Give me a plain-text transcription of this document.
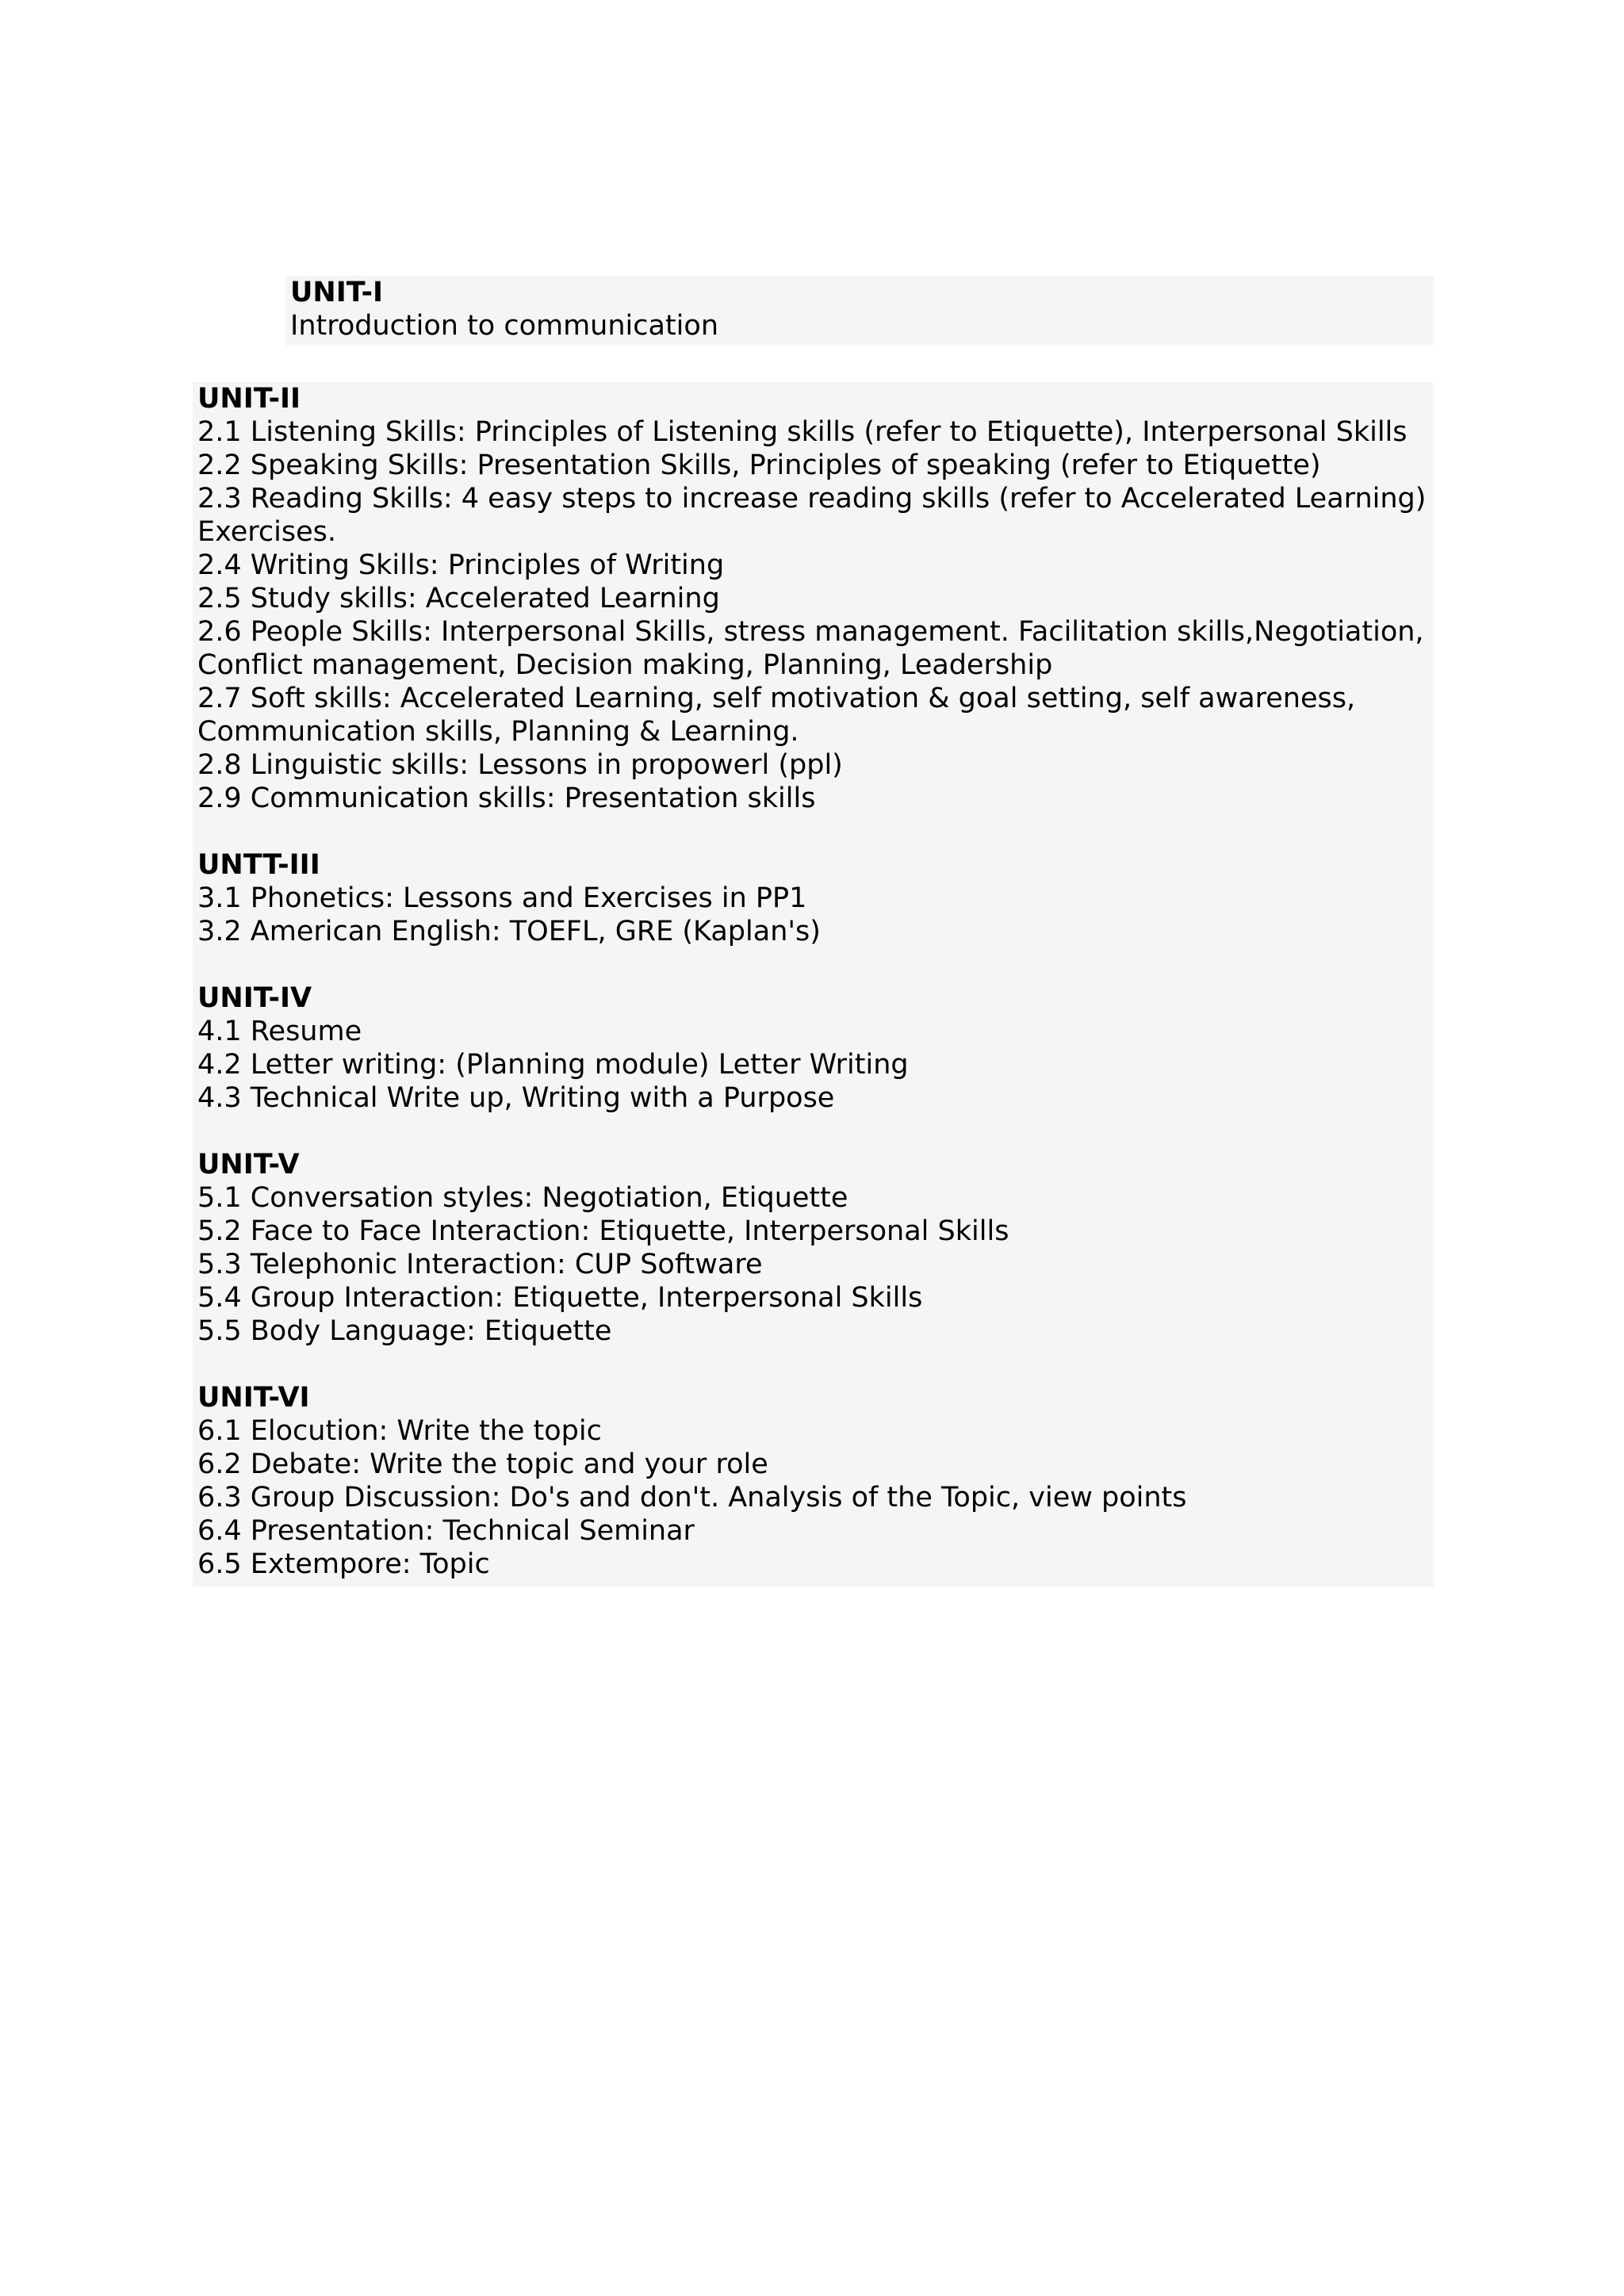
UNIT-I

Introduction to communication

UNIT-II

2.1 Listening Skills: Principles of Listening skills (refer to Etiquette), Interpersonal Skills

2.2 Speaking Skills: Presentation Skills, Principles of speaking (refer to Etiquette)

2.3 Reading Skills: 4 easy steps to increase reading skills (refer to Accelerated Learning)

Exercises.

2.4 Writing Skills: Principles of Writing

2.5 Study skills: Accelerated Learning

2.6 People Skills: Interpersonal Skills, stress management. Facilitation skills,Negotiation,

Conflict management, Decision making, Planning, Leadership

2.7 Soft skills: Accelerated Learning, self motivation & goal setting, self awareness,

Communication skills, Planning & Learning.

2.8 Linguistic skills: Lessons in propowerl (ppl)

2.9 Communication skills: Presentation skills

UNTT-III

3.1 Phonetics: Lessons and Exercises in PP1

3.2 American English: TOEFL, GRE (Kaplan's)

UNIT-IV

4.1 Resume

4.2 Letter writing: (Planning module) Letter Writing

4.3 Technical Write up, Writing with a Purpose

UNIT-V

5.1 Conversation styles: Negotiation, Etiquette

5.2 Face to Face Interaction: Etiquette, Interpersonal Skills

5.3 Telephonic Interaction: CUP Software

5.4 Group Interaction: Etiquette, Interpersonal Skills

5.5 Body Language: Etiquette

UNIT-VI

6.1 Elocution: Write the topic

6.2 Debate: Write the topic and your role

6.3 Group Discussion: Do's and don't. Analysis of the Topic, view points

6.4 Presentation: Technical Seminar

6.5 Extempore: Topic
